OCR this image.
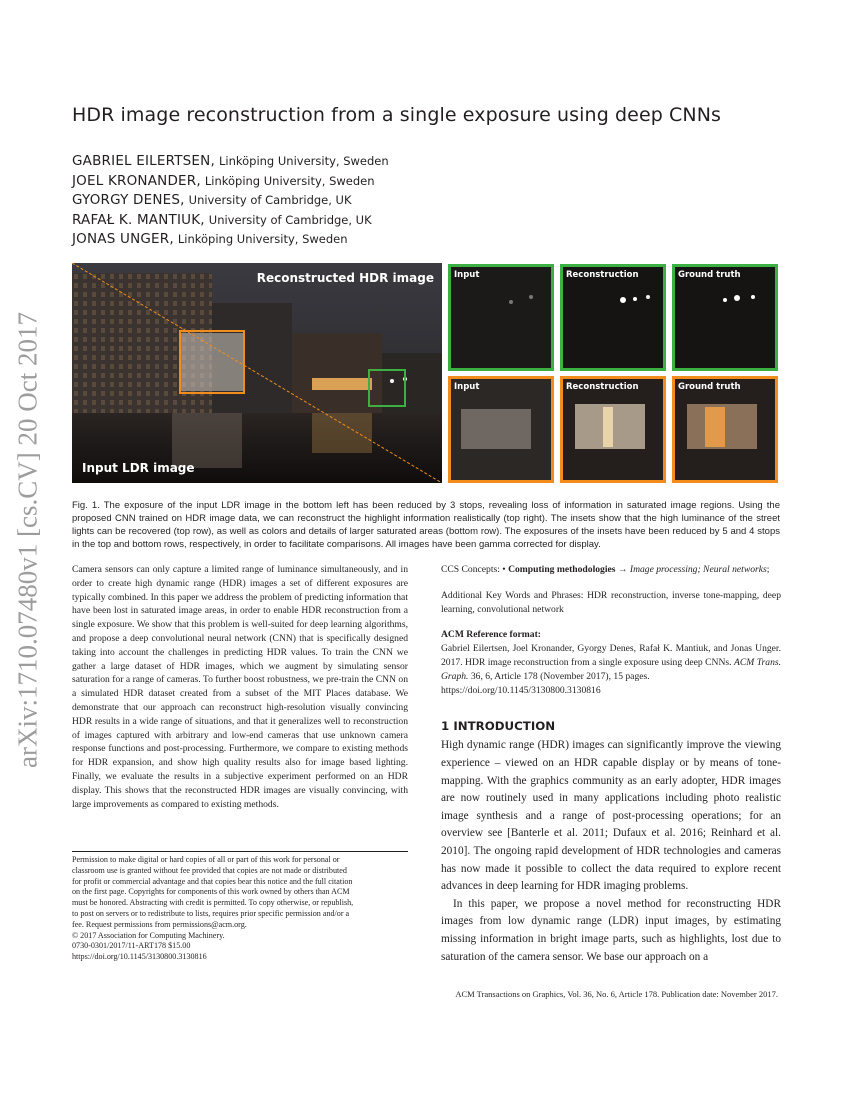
arXiv:1710.07480v1 [cs.CV] 20 Oct 2017
HDR image reconstruction from a single exposure using deep CNNs
GABRIEL EILERTSEN, Linköping University, Sweden
JOEL KRONANDER, Linköping University, Sweden
GYORGY DENES, University of Cambridge, UK
RAFAŁ K. MANTIUK, University of Cambridge, UK
JONAS UNGER, Linköping University, Sweden
Reconstructed HDR image
Input LDR image
Input	Reconstruction	Ground truth
Input	Reconstruction	Ground truth

Fig. 1. The exposure of the input LDR image in the bottom left has been reduced by 3 stops, revealing loss of information in saturated image regions. Using the proposed CNN trained on HDR image data, we can reconstruct the highlight information realistically (top right). The insets show that the high luminance of the street lights can be recovered (top row), as well as colors and details of larger saturated areas (bottom row). The exposures of the insets have been reduced by 5 and 4 stops in the top and bottom rows, respectively, in order to facilitate comparisons. All images have been gamma corrected for display.

Camera sensors can only capture a limited range of luminance simultaneously, and in order to create high dynamic range (HDR) images a set of different exposures are typically combined. In this paper we address the problem of predicting information that have been lost in saturated image areas, in order to enable HDR reconstruction from a single exposure. We show that this problem is well-suited for deep learning algorithms, and propose a deep convolutional neural network (CNN) that is specifically designed taking into account the challenges in predicting HDR values. To train the CNN we gather a large dataset of HDR images, which we augment by simulating sensor saturation for a range of cameras. To further boost robustness, we pre-train the CNN on a simulated HDR dataset created from a subset of the MIT Places database. We demonstrate that our approach can reconstruct high-resolution visually convincing HDR results in a wide range of situations, and that it generalizes well to reconstruction of images captured with arbitrary and low-end cameras that use unknown camera response functions and post-processing. Furthermore, we compare to existing methods for HDR expansion, and show high quality results also for image based lighting. Finally, we evaluate the results in a subjective experiment performed on an HDR display. This shows that the reconstructed HDR images are visually convincing, with large improvements as compared to existing methods.

Permission to make digital or hard copies of all or part of this work for personal or
classroom use is granted without fee provided that copies are not made or distributed
for profit or commercial advantage and that copies bear this notice and the full citation
on the first page. Copyrights for components of this work owned by others than ACM
must be honored. Abstracting with credit is permitted. To copy otherwise, or republish,
to post on servers or to redistribute to lists, requires prior specific permission and/or a
fee. Request permissions from permissions@acm.org.
© 2017 Association for Computing Machinery.
0730-0301/2017/11-ART178 $15.00
https://doi.org/10.1145/3130800.3130816

CCS Concepts: • Computing methodologies → Image processing; Neural networks;

Additional Key Words and Phrases: HDR reconstruction, inverse tone-mapping, deep learning, convolutional network

ACM Reference format:
Gabriel Eilertsen, Joel Kronander, Gyorgy Denes, Rafał K. Mantiuk, and Jonas Unger. 2017. HDR image reconstruction from a single exposure using deep CNNs. ACM Trans. Graph. 36, 6, Article 178 (November 2017), 15 pages.
https://doi.org/10.1145/3130800.3130816

1 INTRODUCTION

High dynamic range (HDR) images can significantly improve the viewing experience – viewed on an HDR capable display or by means of tone-mapping. With the graphics community as an early adopter, HDR images are now routinely used in many applications including photo realistic image synthesis and a range of post-processing operations; for an overview see [Banterle et al. 2011; Dufaux et al. 2016; Reinhard et al. 2010]. The ongoing rapid development of HDR technologies and cameras has now made it possible to collect the data required to explore recent advances in deep learning for HDR imaging problems.

In this paper, we propose a novel method for reconstructing HDR images from low dynamic range (LDR) input images, by estimating missing information in bright image parts, such as highlights, lost due to saturation of the camera sensor. We base our approach on a

ACM Transactions on Graphics, Vol. 36, No. 6, Article 178. Publication date: November 2017.
